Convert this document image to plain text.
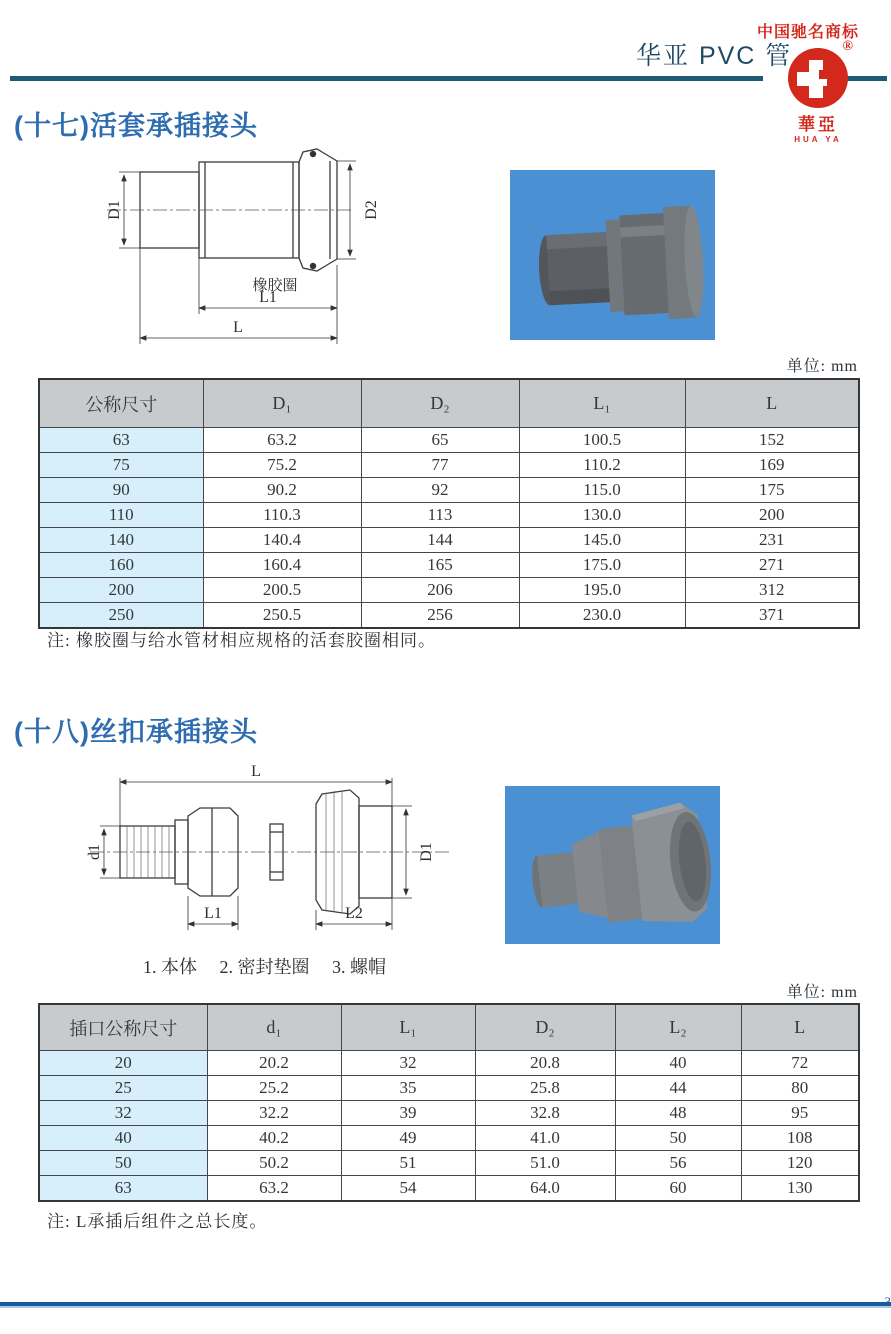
中国驰名商标
华亚 PVC 管	®
華亞
HUA YA
(十七)活套承插接头
D1	D2
橡胶圈
L1
L
单位: mm
公称尺寸	D₁	D₂	L₁	L
63	63.2	65	100.5	152
75	75.2	77	110.2	169
90	90.2	92	115.0	175
110	110.3	113	130.0	200
140	140.4	144	145.0	231
160	160.4	165	175.0	271
200	200.5	206	195.0	312
250	250.5	256	230.0	371
注: 橡胶圈与给水管材相应规格的活套胶圈相同。
(十八)丝扣承插接头
L
d1	D1
L1	L2
1. 本体　 2. 密封垫圈　 3. 螺帽
单位: mm
插口公称尺寸	d₁	L₁	D₂	L₂	L
20	20.2	32	20.8	40	72
25	25.2	35	25.8	44	80
32	32.2	39	32.8	48	95
40	40.2	49	41.0	50	108
50	50.2	51	51.0	56	120
63	63.2	54	64.0	60	130
注: L承插后组件之总长度。
3
